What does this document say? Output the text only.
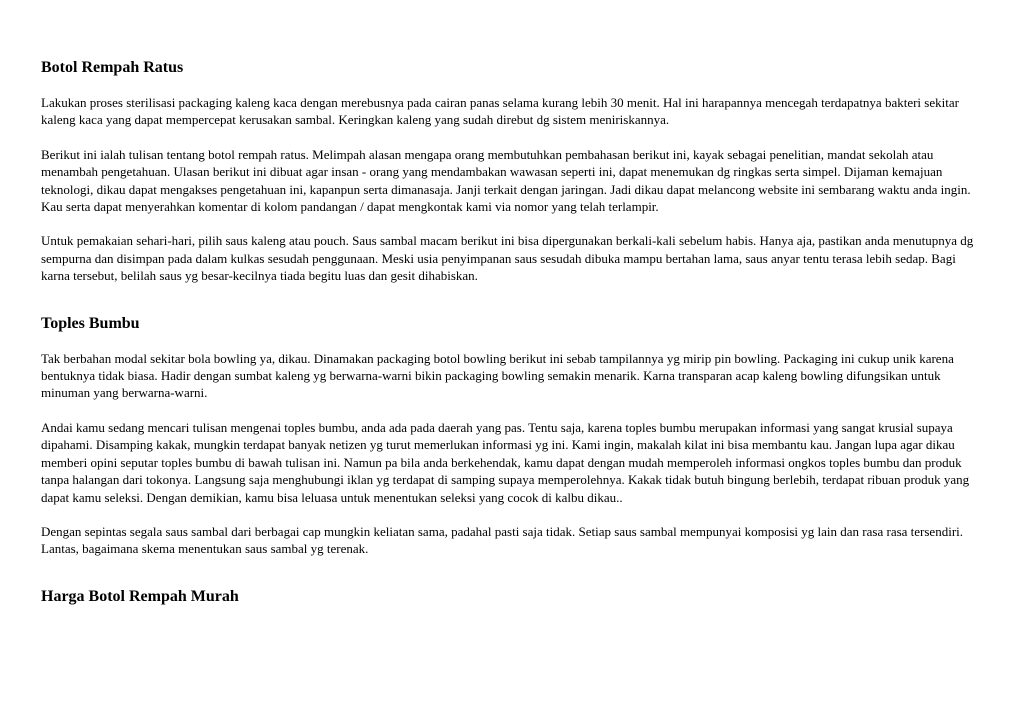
Botol Rempah Ratus

Lakukan proses sterilisasi packaging kaleng kaca dengan merebusnya pada cairan panas selama kurang lebih 30 menit. Hal ini harapannya mencegah terdapatnya bakteri sekitar kaleng kaca yang dapat mempercepat kerusakan sambal. Keringkan kaleng yang sudah direbut dg sistem meniriskannya.

Berikut ini ialah tulisan tentang botol rempah ratus. Melimpah alasan mengapa orang membutuhkan pembahasan berikut ini, kayak sebagai penelitian, mandat sekolah atau menambah pengetahuan. Ulasan berikut ini dibuat agar insan - orang yang mendambakan wawasan seperti ini, dapat menemukan dg ringkas serta simpel. Dijaman kemajuan teknologi, dikau dapat mengakses pengetahuan ini, kapanpun serta dimanasaja. Janji terkait dengan jaringan. Jadi dikau dapat melancong website ini sembarang waktu anda ingin. Kau serta dapat menyerahkan komentar di kolom pandangan / dapat mengkontak kami via nomor yang telah terlampir.

Untuk pemakaian sehari-hari, pilih saus kaleng atau pouch. Saus sambal macam berikut ini bisa dipergunakan berkali-kali sebelum habis. Hanya aja, pastikan anda menutupnya dg sempurna dan disimpan pada dalam kulkas sesudah penggunaan. Meski usia penyimpanan saus sesudah dibuka mampu bertahan lama, saus anyar tentu terasa lebih sedap. Bagi karna tersebut, belilah saus yg besar-kecilnya tiada begitu luas dan gesit dihabiskan.

Toples Bumbu

Tak berbahan modal sekitar bola bowling ya, dikau. Dinamakan packaging botol bowling berikut ini sebab tampilannya yg mirip pin bowling. Packaging ini cukup unik karena bentuknya tidak biasa. Hadir dengan sumbat kaleng yg berwarna-warni bikin packaging bowling semakin menarik. Karna transparan acap kaleng bowling difungsikan untuk minuman yang berwarna-warni.

Andai kamu sedang mencari tulisan mengenai toples bumbu, anda ada pada daerah yang pas. Tentu saja, karena toples bumbu merupakan informasi yang sangat krusial supaya dipahami. Disamping kakak, mungkin terdapat banyak netizen yg turut memerlukan informasi yg ini. Kami ingin, makalah kilat ini bisa membantu kau. Jangan lupa agar dikau memberi opini seputar toples bumbu di bawah tulisan ini. Namun pa bila anda berkehendak, kamu dapat dengan mudah memperoleh informasi ongkos toples bumbu dan produk tanpa halangan dari tokonya. Langsung saja menghubungi iklan yg terdapat di samping supaya memperolehnya. Kakak tidak butuh bingung berlebih, terdapat ribuan produk yang dapat kamu seleksi. Dengan demikian, kamu bisa leluasa untuk menentukan seleksi yang cocok di kalbu dikau..

Dengan sepintas segala saus sambal dari berbagai cap mungkin keliatan sama, padahal pasti saja tidak. Setiap saus sambal mempunyai komposisi yg lain dan rasa rasa tersendiri. Lantas, bagaimana skema menentukan saus sambal yg terenak.

Harga Botol Rempah Murah
